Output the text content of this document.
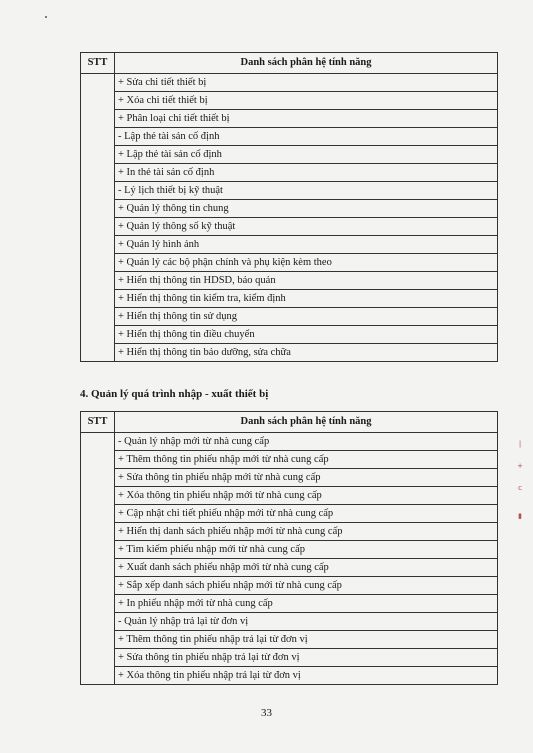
STT	Danh sách phân hệ tính năng
	+ Sửa chi tiết thiết bị
	+ Xóa chi tiết thiết bị
	+ Phân loại chi tiết thiết bị
	- Lập thẻ tài sản cố định
	+ Lập thẻ tài sản cố định
	+ In thẻ tài sản cố định
	- Lý lịch thiết bị kỹ thuật
	+ Quản lý thông tin chung
	+ Quản lý thông số kỹ thuật
	+ Quản lý hình ảnh
	+ Quản lý các bộ phận chính và phụ kiện kèm theo
	+ Hiển thị thông tin HDSD, bảo quản
	+ Hiển thị thông tin kiểm tra, kiểm định
	+ Hiển thị thông tin sử dụng
	+ Hiển thị thông tin điều chuyển
	+ Hiển thị thông tin bảo dưỡng, sửa chữa
4. Quản lý quá trình nhập - xuất thiết bị
STT	Danh sách phân hệ tính năng
	- Quản lý nhập mới từ nhà cung cấp
	+ Thêm thông tin phiếu nhập mới từ nhà cung cấp
	+ Sửa thông tin phiếu nhập mới từ nhà cung cấp
	+ Xóa thông tin phiếu nhập mới từ nhà cung cấp
	+ Cập nhật chi tiết phiếu nhập mới từ nhà cung cấp
	+ Hiển thị danh sách phiếu nhập mới từ nhà cung cấp
	+ Tìm kiếm phiếu nhập mới từ nhà cung cấp
	+ Xuất danh sách phiếu nhập mới từ nhà cung cấp
	+ Sắp xếp danh sách phiếu nhập mới từ nhà cung cấp
	+ In phiếu nhập mới từ nhà cung cấp
	- Quản lý nhập trả lại từ đơn vị
	+ Thêm thông tin phiếu nhập trả lại từ đơn vị
	+ Sửa thông tin phiếu nhập trả lại từ đơn vị
	+ Xóa thông tin phiếu nhập trả lại từ đơn vị
33
|
+
c
▮
